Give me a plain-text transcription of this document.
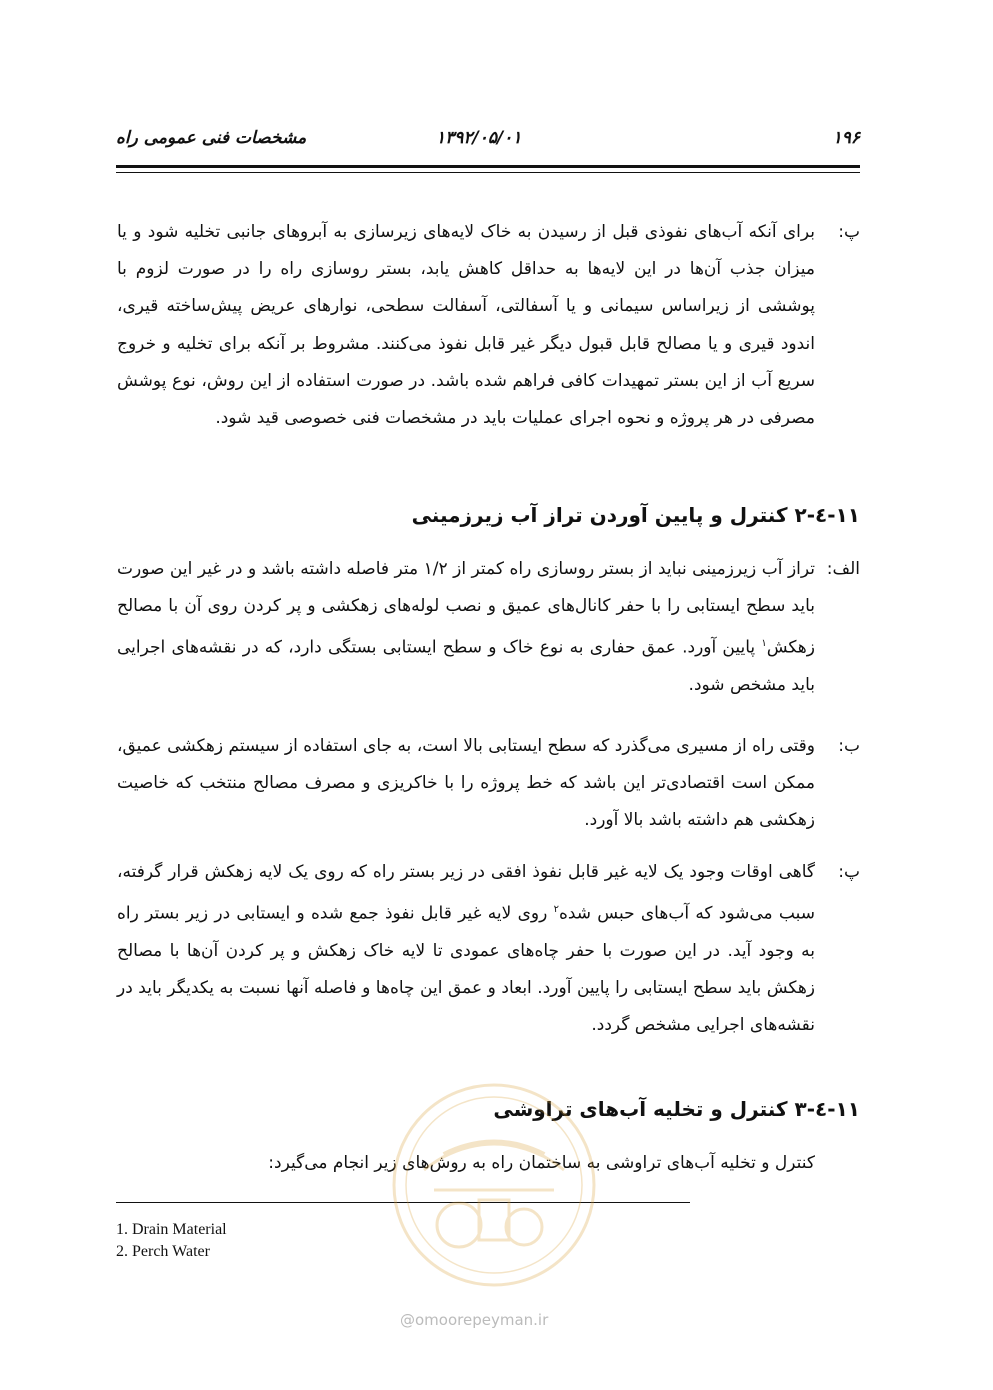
۱۹۶
۱۳۹۲/۰۵/۰۱
مشخصات فنی عمومی راه
پ:

برای آنکه آب‌های نفوذی قبل از رسیدن به خاک لایه‌های زیرسازی به آبروهای جانبی تخلیه شود و یا میزان جذب آن‌ها در این لایه‌ها به حداقل کاهش یابد، بستر روسازی راه را در صورت لزوم با پوششی از زیراساس سیمانی و یا آسفالتی، آسفالت سطحی، نوارهای عریض پیش‌ساخته قیری، اندود قیری و یا مصالح قابل قبول دیگر غیر قابل نفوذ می‌کنند. مشروط بر آنکه برای تخلیه و خروج سریع آب از این بستر تمهیدات کافی فراهم شده باشد. در صورت استفاده از این روش، نوع پوشش مصرفی در هر پروژه و نحوه اجرای عملیات باید در مشخصات فنی خصوصی قید شود.

۱۱-٤-۲ کنترل و پایین آوردن تراز آب زیرزمینی
الف:

تراز آب زیرزمینی نباید از بستر روسازی راه کمتر از ۱/۲ متر فاصله داشته باشد و در غیر این صورت باید سطح ایستابی را با حفر کانال‌های عمیق و نصب لوله‌های زهکشی و پر کردن روی آن با مصالح زهکش$^۱$ پایین آورد. عمق حفاری به نوع خاک و سطح ایستابی بستگی دارد، که در نقشه‌های اجرایی باید مشخص شود.

ب:

وقتی راه از مسیری می‌گذرد که سطح ایستابی بالا است، به جای استفاده از سیستم زهکشی عمیق، ممکن است اقتصادی‌تر این باشد که خط پروژه را با خاکریزی و مصرف مصالح منتخب که خاصیت زهکشی هم داشته باشد بالا آورد.

پ:

گاهی اوقات وجود یک لایه غیر قابل نفوذ افقی در زیر بستر راه که روی یک لایه زهکش قرار گرفته، سبب می‌شود که آب‌های حبس شده$^۲$ روی لایه غیر قابل نفوذ جمع شده و ایستابی در زیر بستر راه به وجود آید. در این صورت با حفر چاه‌های عمودی تا لایه خاک زهکش و پر کردن آن‌ها با مصالح زهکش باید سطح ایستابی را پایین آورد. ابعاد و عمق این چاه‌ها و فاصله آنها نسبت به یکدیگر باید در نقشه‌های اجرایی مشخص گردد.

۱۱-٤-۳ کنترل و تخلیه آب‌های تراوشی

کنترل و تخلیه آب‌های تراوشی به ساختمان راه به روش‌های زیر انجام می‌گیرد:

1. Drain Material
2. Perch Water
@omoorepeyman.ir
